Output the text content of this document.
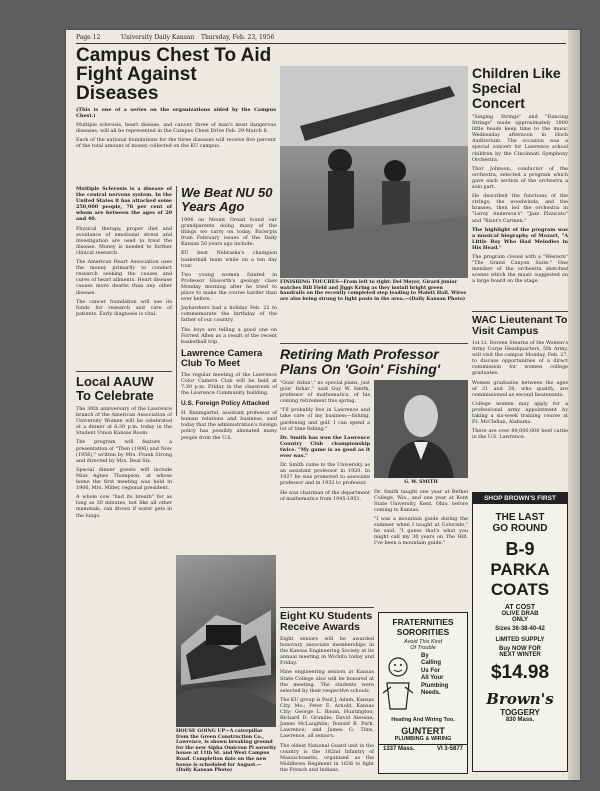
Page 12	University Daily Kansan Thursday, Feb. 23, 1956
Campus Chest To Aid Fight Against Diseases
(This is one of a series on the organizations aided by the Campus Chest.)
Multiple sclerosis, heart disease, and cancer, three of man's most dangerous diseases, will all be represented in the Campus Chest Drive Feb. 29-March 8.
Each of the national foundations for the three diseases will receive five percent of the total amount of money collected on the KU campus.
Multiple Sclerosis is a disease of the central nervous system. In the United States it has attacked some 250,000 people, 76 per cent of whom are between the ages of 20 and 40.
Physical therapy, proper diet and avoidance of emotional stress and investigation are used to treat the disease. Money is needed to further clinical research.
The American Heart Association uses the money primarily to conduct research seeking the causes and cures of heart ailments. Heart disease causes more deaths than any other disease.
The cancer foundation will use its funds for research and care of patients. Early diagnosis is vital.
Local AAUW To Celebrate
The 30th anniversary of the Lawrence branch of the American Association of University Women will be celebrated at a dinner at 6:30 p.m. today in the Student Union Kansas Room.
The program will feature a presentation of "Then (1906) and Now (1956)," written by Mrs. Frank Strong and directed by Mrs. Deal Six.
Special dinner guests will include Miss Agnes Thompson, at whose home the first meeting was held in 1906. Mrs. Miller, regional president.
A whole cow "had its breath" for as long as 30 minutes, but like all other mammals, can drown if water gets in the lungs.
We Beat NU 50 Years Ago
1906 on Mount Oread found our grandparents doing many of the things we carry on today. Excerpts from February issues of the Daily Kansan 50 years ago include:
KU beat Nebraska's champion basketball team while on a ten day tour.
Two young women fainted in Professor Haworth's geology class Monday morning after he tried to place to make the course harder than ever before.
Jayhawkers had a holiday Feb. 22 to commemorate the birthday of the father of our country.
The boys are telling a good one on Forrest Allen as a result of the recent basketball trip.
Lawrence Camera Club To Meet
The regular meeting of the Lawrence Color Camera Club will be held at 7:30 p.m. Friday in the classroom of the Lawrence Community building.
U.S. Foreign Policy Attacked
H. Baumgartel, assistant professor of human relations and business, said today that the administration's foreign policy has possibly alienated many people from the U.S.
HOUSE GOING UP—A caterpillar from the Green Construction Co., Lawrence, is shown breaking ground for the new Alpha Omicron Pi sorority house at 11th St. and West Campus Road. Completion date on the new house is scheduled for August.—(Daily Kansan Photo)
FINISHING TOUCHES—From left to right: Del Meyer, Girard junior watches Bill Field and Jiggs Kring as they install bright green handrails on the recently completed step leading to Malott Hall. Wires are also being strung to light posts in the area.—(Daily Kansan Photo)
Retiring Math Professor Plans On 'Goin' Fishing'
"Goin' fishin'," no special plans, just goin' fishin'," said Guy W. Smith, professor of mathematics, of his coming retirement this spring.
"I'll probably live in Lawrence and take care of my business—fishing, gardening and golf. I can spend a lot of time fishing."
Dr. Smith has won the Lawrence Country Club championship twice. "My game is as good as it ever was."
Dr. Smith came to the University as an assistant professor in 1920. In 1927 he was promoted to associate professor and in 1932 to professor.
He was chairman of the department of mathematics from 1945-1951.
G. W. SMITH
Dr. Smith taught one year at Bethel College, Wis., and one year at Kent State University, Kent, Ohio, before coming to Kansas.
"I was a mountain guide during the summer when I taught at Colorado," he said. "I guess that's what you might call my 30 years on The Hill. I've been a mountain guide."
Eight KU Students Receive Awards
Eight seniors will be awarded honorary associate memberships in the Kansas Engineering Society at its annual meeting in Wichita today and Friday.
Nine engineering seniors at Kansas State College also will be honored at the meeting. The students were selected by their respective schools.
The KU group is Paul J. Adam, Kansas City, Mo.; Peter E. Arnold, Kansas City; George L. Baum, Huntington; Richard D. Grundie; David Alessan; James McLaughlin; Donald B. Park, Lawrence; and James G. Tims, Lawrence, all seniors.
The oldest National Guard unit in the country is the 182nd Infantry of Massachusetts, organized as the Middlesex Regiment in 1636 to fight the French and Indians.
FRATERNITIES
SORORITIES
Avoid This Kind
Of Trouble
By
Calling
Us For
All Your
Plumbing
Needs.
Heating And Wiring Too.
GUNTERT
PLUMBING & WIRING
1337 Mass.	VI 3-5877
Children Like Special Concert
"Singing Strings" and "Dancing Strings" made approximately 1800 little heads keep time to the music Wednesday afternoon in Hoch Auditorium. The occasion was a special concert for Lawrence school children by the Cincinnati Symphony Orchestra.
Thor Johnson, conductor of the orchestra, selected a program which gave each section of the orchestra a solo part.
He described the functions of the strings, the woodwinds, and the brasses, then led the orchestra in "Leroy Anderson's" "Jazz Pizzicato" and "Bizet's Carmen."
The highlight of the program was a musical biography of Mozart, "A Little Boy Who Had Melodies in His Head."
The program closed with a "Western" "The Grand Canyon Suite." One member of the orchestra sketched scenes which the music suggested on a large board on the stage.
WAC Lieutenant To Visit Campus
1st Lt. Doreen Stearns of the Women's Army Corps Headquarters, 5th Army, will visit the campus Monday, Feb. 27, to discuss opportunities of a direct commission for women college graduates.
Women graduates between the ages of 21 and 28, who qualify, are commissioned as second lieutenants.
College women may apply for a professional army appointment by taking a six-week training course at Ft. McClellan, Alabama.
There are over 80,000,000 beef cattle in the U.S. Lawrence.
SHOP BROWN'S FIRST
THE LAST
GO ROUND
B-9
PARKA
COATS
AT COST
OLIVE DRAB
ONLY
Sizes 36-38-40-42
LIMITED SUPPLY
Buy NOW FOR
NEXT WINTER
$14.98
Brown's
TOGGERY
830 Mass.
